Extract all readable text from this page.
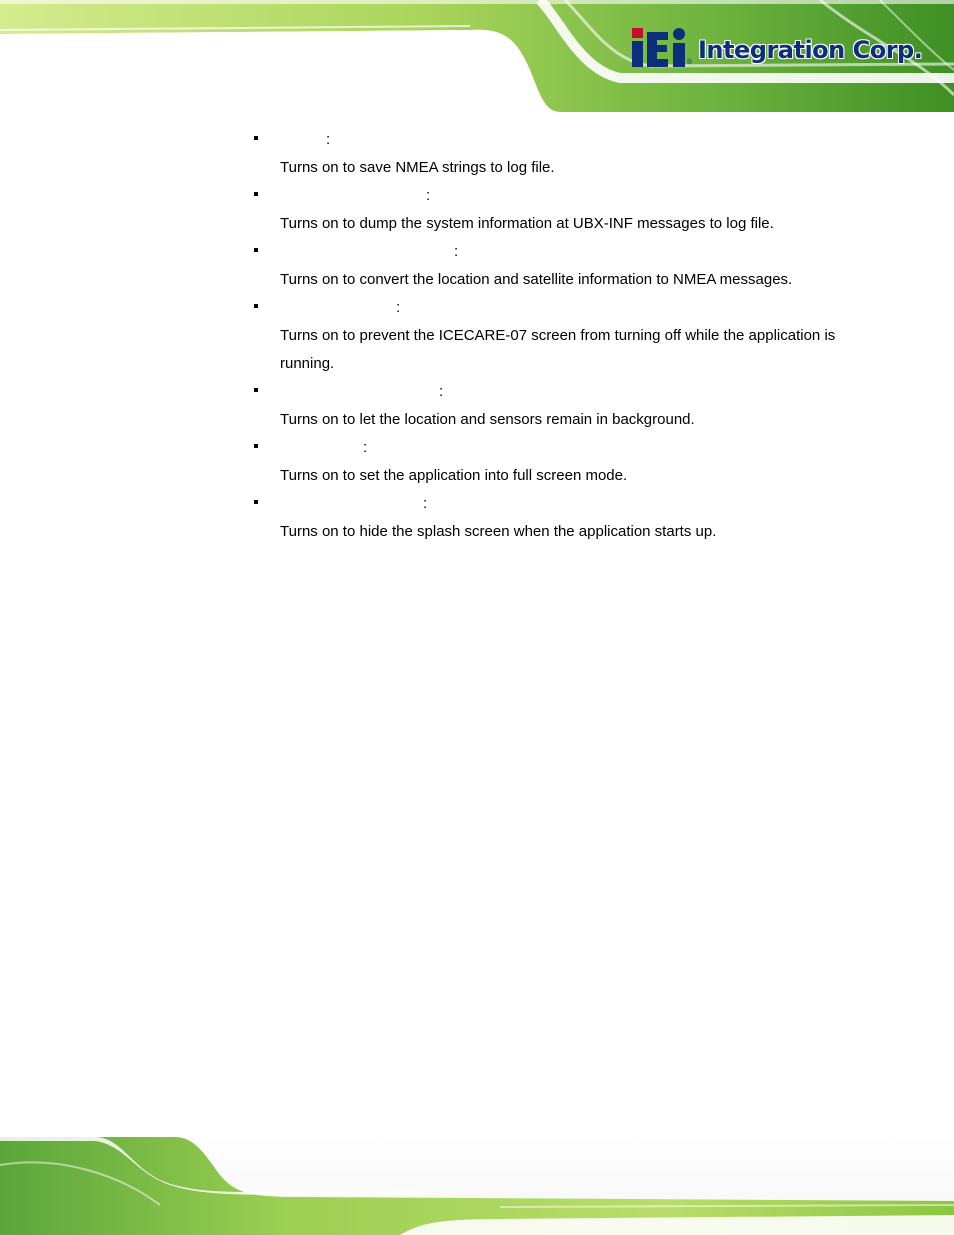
® Integration Corp.
:

Turns on to save NMEA strings to log file.

:

Turns on to dump the system information at UBX-INF messages to log file.

:

Turns on to convert the location and satellite information to NMEA messages.

:

Turns on to prevent the ICECARE-07 screen from turning off while the application is running.

:

Turns on to let the location and sensors remain in background.

:

Turns on to set the application into full screen mode.

:

Turns on to hide the splash screen when the application starts up.
